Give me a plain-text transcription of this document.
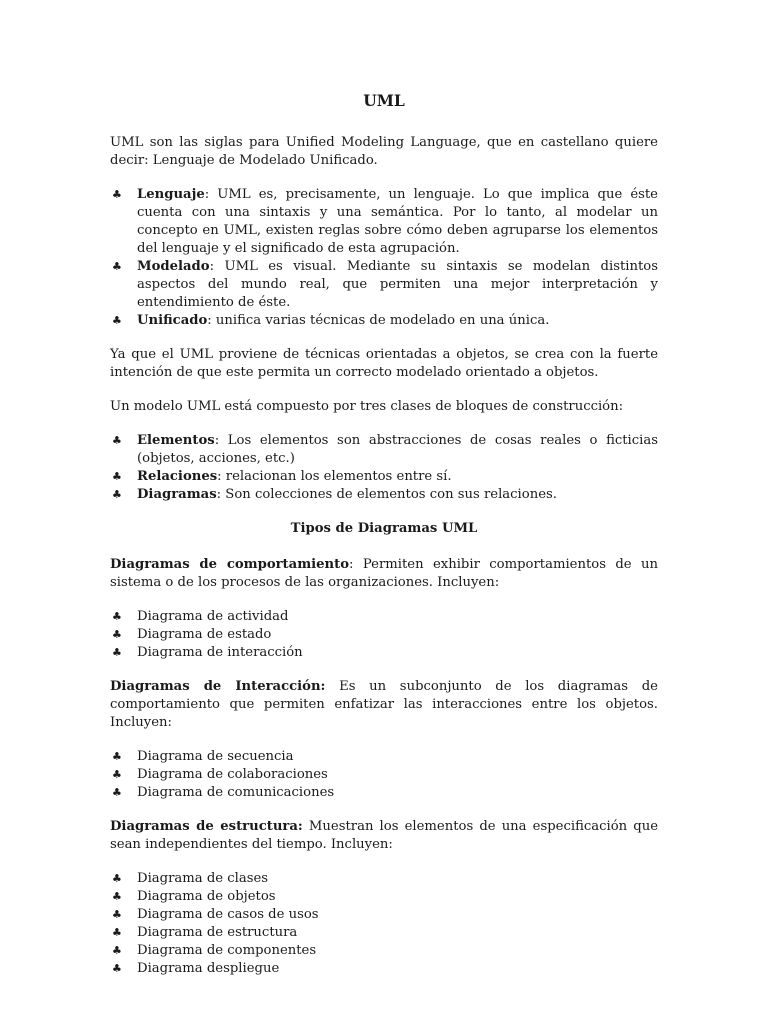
UML

UML son las siglas para Unified Modeling Language, que en castellano quiere decir: Lenguaje de Modelado Unificado.

♣ Lenguaje: UML es, precisamente, un lenguaje. Lo que implica que éste cuenta con una sintaxis y una semántica. Por lo tanto, al modelar un concepto en UML, existen reglas sobre cómo deben agruparse los elementos del lenguaje y el significado de esta agrupación.
♣ Modelado: UML es visual. Mediante su sintaxis se modelan distintos aspectos del mundo real, que permiten una mejor interpretación y entendimiento de éste.
♣ Unificado: unifica varias técnicas de modelado en una única.

Ya que el UML proviene de técnicas orientadas a objetos, se crea con la fuerte intención de que este permita un correcto modelado orientado a objetos.

Un modelo UML está compuesto por tres clases de bloques de construcción:

♣ Elementos: Los elementos son abstracciones de cosas reales o ficticias (objetos, acciones, etc.)
♣ Relaciones: relacionan los elementos entre sí.
♣ Diagramas: Son colecciones de elementos con sus relaciones.
Tipos de Diagramas UML

Diagramas de comportamiento: Permiten exhibir comportamientos de un sistema o de los procesos de las organizaciones. Incluyen:

♣ Diagrama de actividad
♣ Diagrama de estado
♣ Diagrama de interacción

Diagramas de Interacción: Es un subconjunto de los diagramas de comportamiento que permiten enfatizar las interacciones entre los objetos. Incluyen:

♣ Diagrama de secuencia
♣ Diagrama de colaboraciones
♣ Diagrama de comunicaciones

Diagramas de estructura: Muestran los elementos de una especificación que sean independientes del tiempo. Incluyen:

♣ Diagrama de clases
♣ Diagrama de objetos
♣ Diagrama de casos de usos
♣ Diagrama de estructura
♣ Diagrama de componentes
♣ Diagrama despliegue
